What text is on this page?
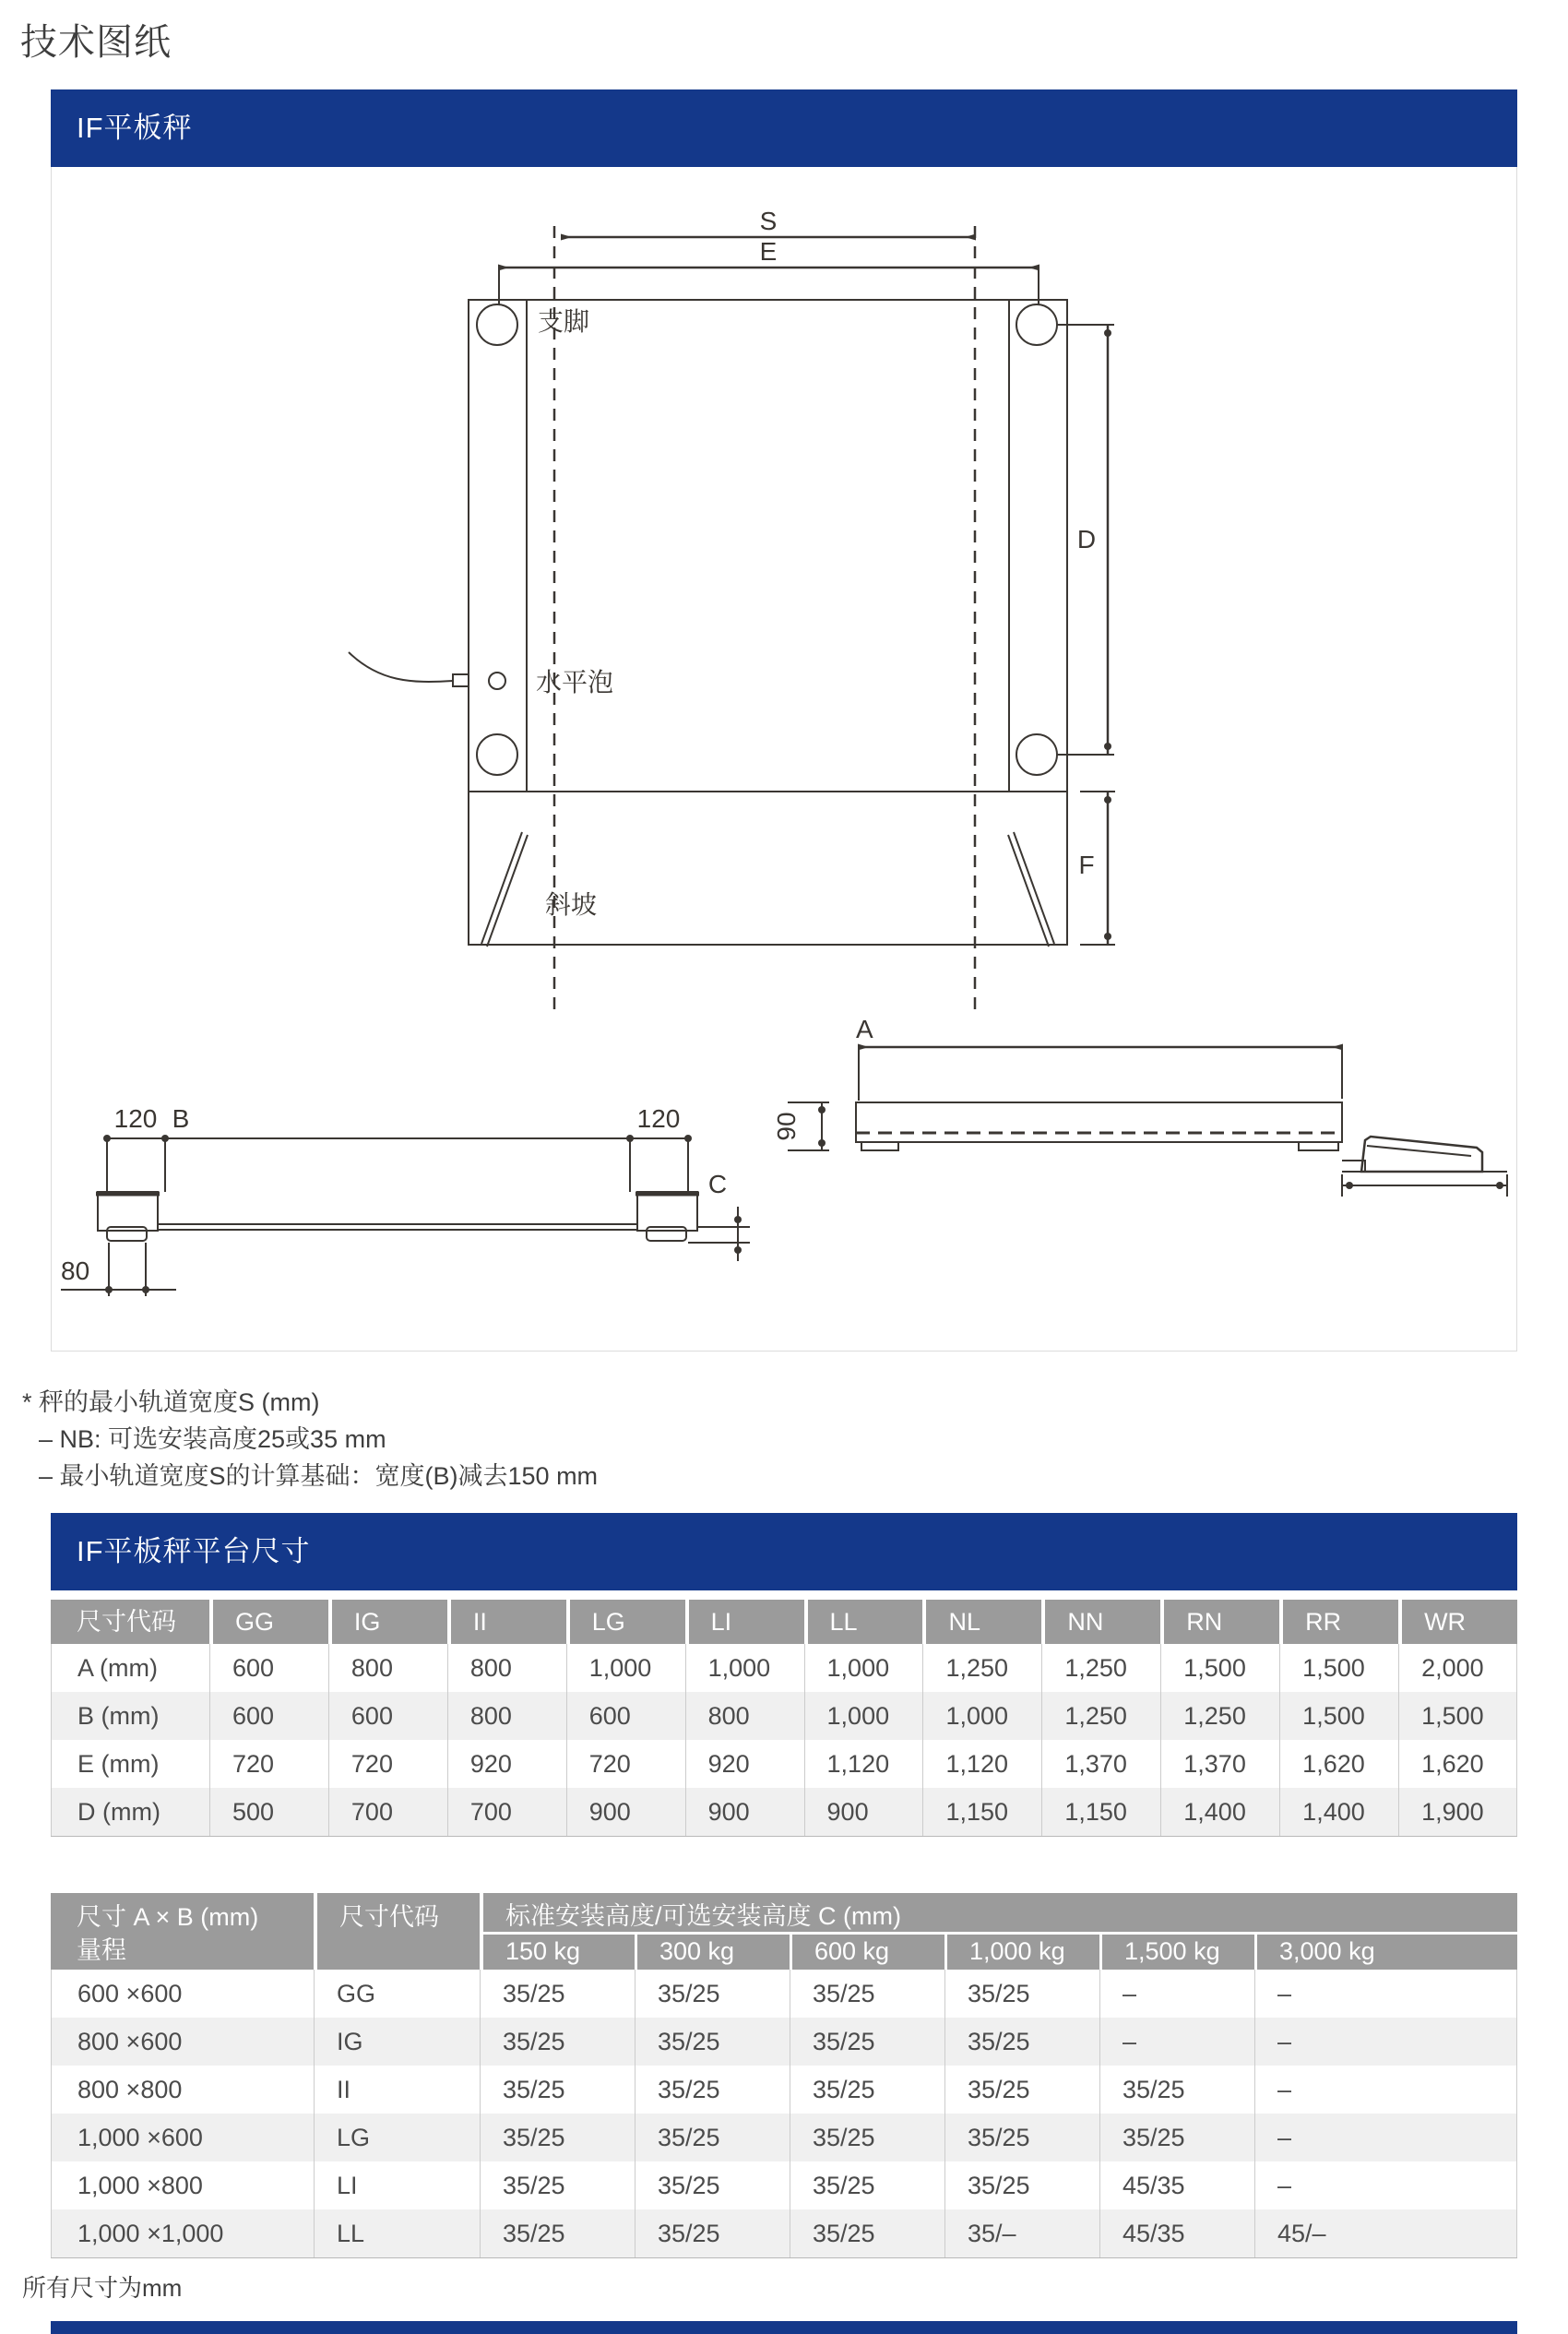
技术图纸
IF平板秤
S
E
D
F
支脚
水平泡
斜坡
120 B	120
80
C
A
90
* 秤的最小轨道宽度S (mm)
– NB: 可选安装高度25或35 mm
– 最小轨道宽度S的计算基础：宽度(B)减去150 mm
IF平板秤平台尺寸
尺寸代码	GG	IG	II	LG	LI	LL	NL	NN	RN	RR	WR
A (mm)	600	800	800	1,000	1,000	1,000	1,250	1,250	1,500	1,500	2,000
B (mm)	600	600	800	600	800	1,000	1,000	1,250	1,250	1,500	1,500
E (mm)	720	720	920	720	920	1,120	1,120	1,370	1,370	1,620	1,620
D (mm)	500	700	700	900	900	900	1,150	1,150	1,400	1,400	1,900
尺寸 A × B (mm)
量程
尺寸代码	标准安装高度/可选安装高度 C (mm)
150 kg	300 kg	600 kg	1,000 kg	1,500 kg	3,000 kg
600 ×600	GG	35/25	35/25	35/25	35/25	–	–
800 ×600	IG	35/25	35/25	35/25	35/25	–	–
800 ×800	II	35/25	35/25	35/25	35/25	35/25	–
1,000 ×600	LG	35/25	35/25	35/25	35/25	35/25	–
1,000 ×800	LI	35/25	35/25	35/25	35/25	45/35	–
1,000 ×1,000	LL	35/25	35/25	35/25	35/–	45/35	45/–
所有尺寸为mm
